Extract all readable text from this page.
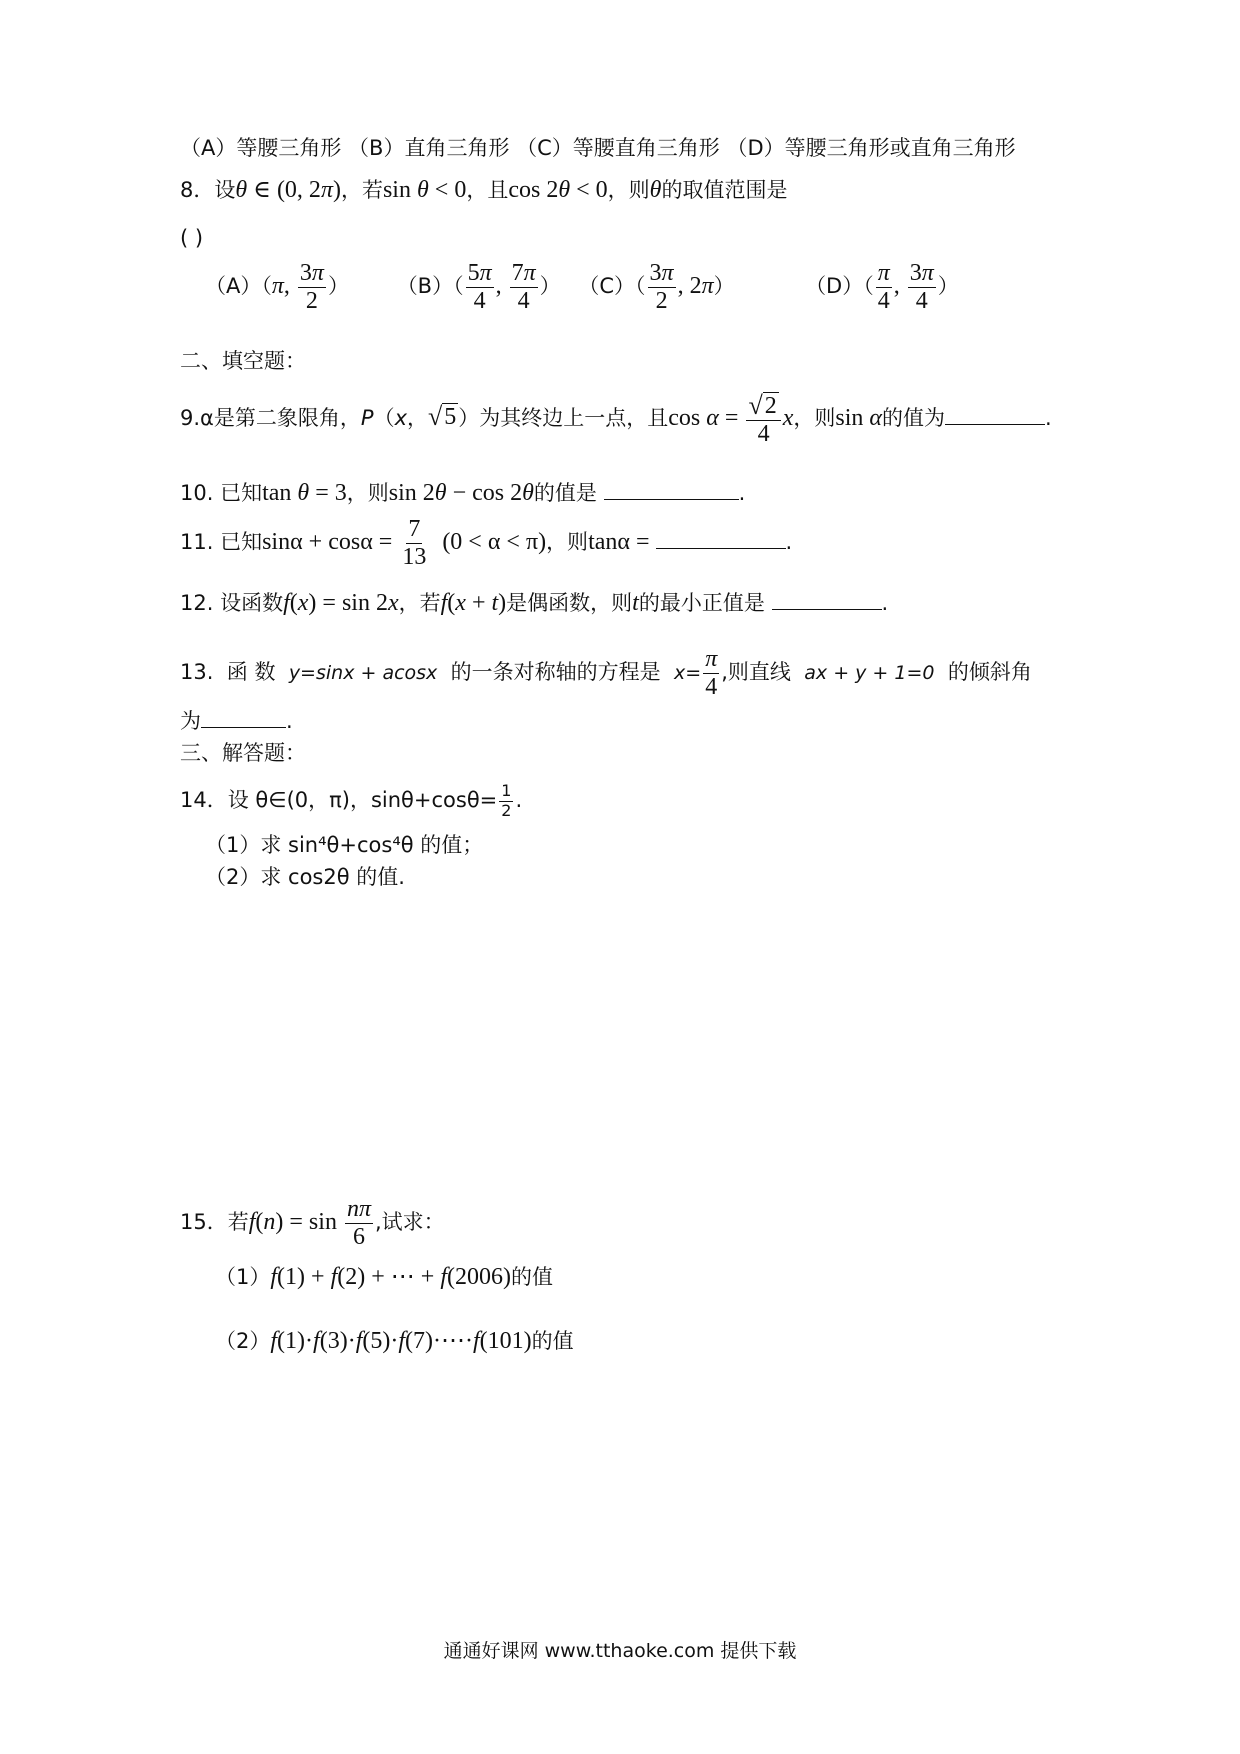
（A）等腰三角形 （B）直角三角形 （C）等腰直角三角形 （D）等腰三角形或直角三角形
8．设θ ∈ (0, 2π)，若sin θ < 0，且cos 2θ < 0，则θ的取值范围是
( )
（A）（π, $\frac{3\pi}{2}$ ） $(B)( \frac{5\pi}{4}$ , $\frac{7\pi}{4}$ ） $(C)( \frac{3\pi}{2}$ , 2π）	$(D)( \frac{\pi}{4}$ , $\frac{3\pi}{4}$ ）
二、填空题：
9.α是第二象限角，P（x， √ 5 ）为其终边上一点，且$\cos \alpha = \frac{√ 2}{4}$ x，则sin α的值为	.
10. 已知tan θ = 3，则sin 2θ − cos 2θ的值是	.
11. 已知$\sin\alpha + \cos\alpha = \frac{7}{13} (0 < \alpha < \pi)$，则tanα =	.
12. 设函数f(x) = sin 2x，若f(x + t)是偶函数，则t的最小正值是	.
13. 函 数 y=sinx + acosx 的一条对称轴的方程是 $x= \frac{\pi}{4}$ ,则直线 ax + y + 1=0 的倾斜角
为	.
三、解答题：
14．设 θ∈(0，π)，$\sin\theta+\cos\theta= \frac{1}{2}$ .
（1）求 sin⁴θ+cos⁴θ 的值；
（2）求 cos2θ 的值.
15．若$f(n) = \sin \frac{n\pi}{6}$ ,试求：
（1）f(1) + f(2) + ⋯ + f(2006)的值
（2）f(1)·f(3)·f(5)·f(7)·⋯·f(101)的值
通通好课网 www.tthaoke.com 提供下载
